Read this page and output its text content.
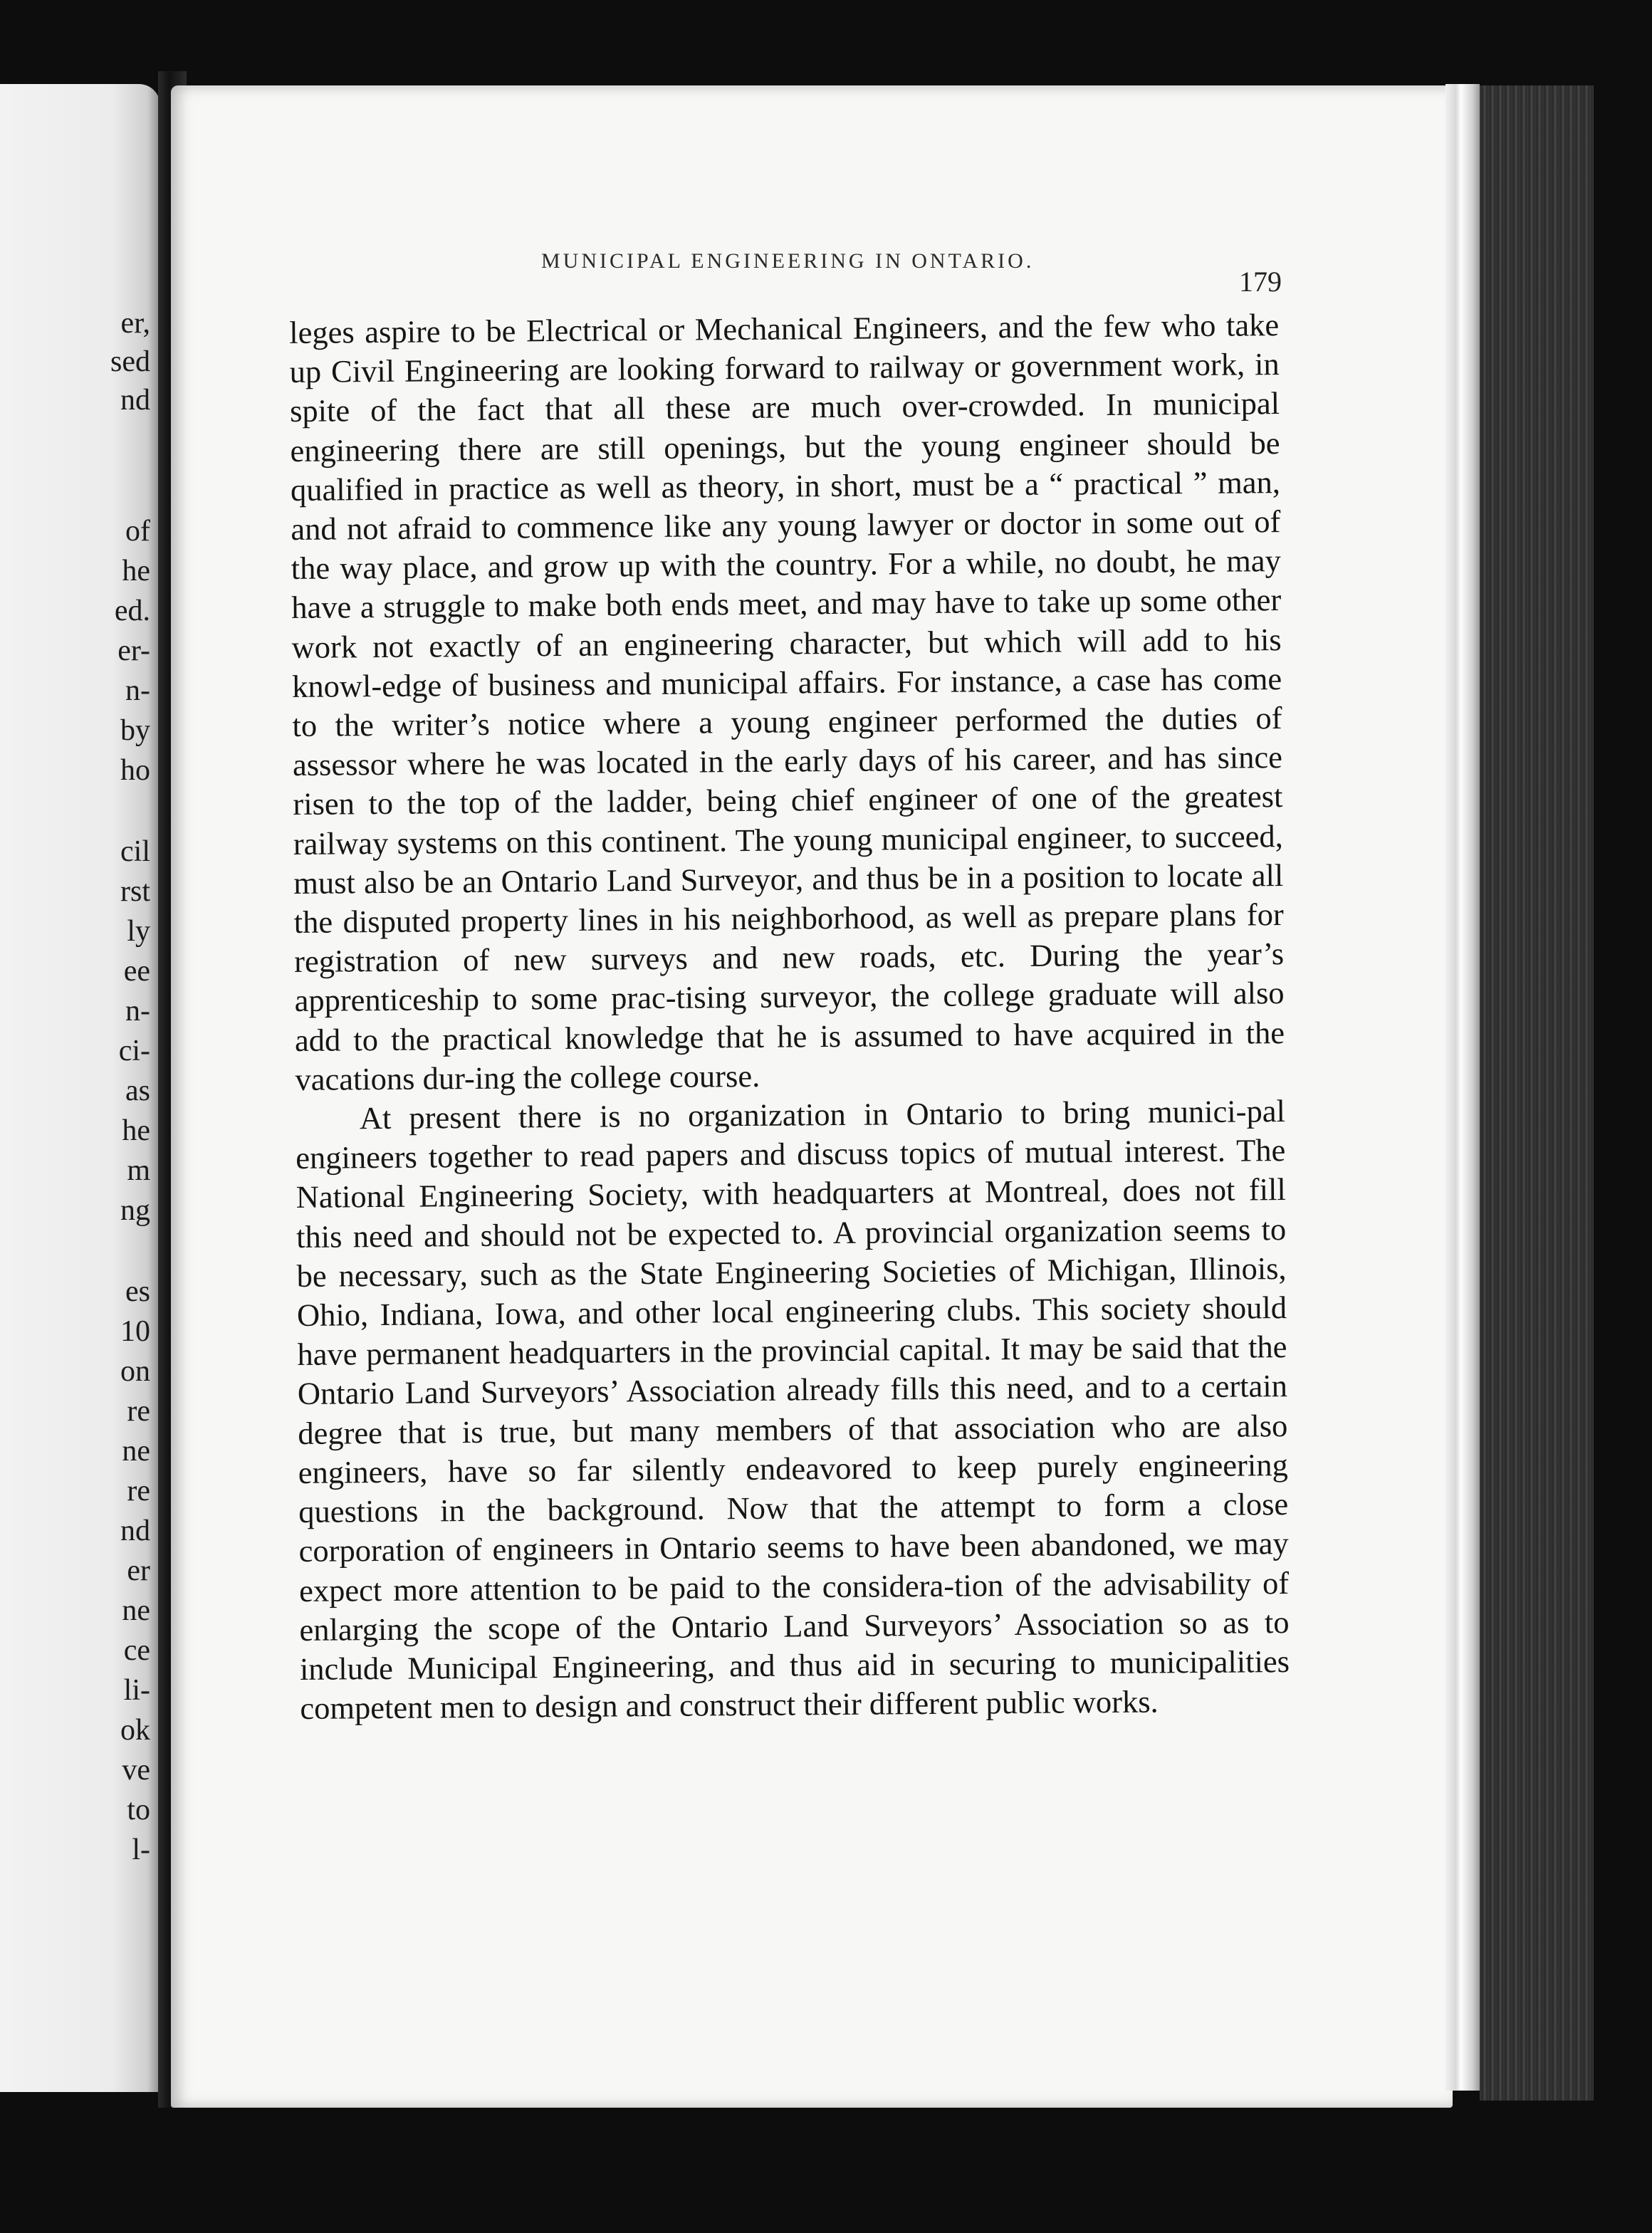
er,
sed
nd
of
he
ed.
er-
n-
by
ho
cil
rst
ly
ee
n-
ci-
as
he
m
ng
es
10
on
re
ne
re
nd
er
ne
ce
li-
ok
ve
to
l-
MUNICIPAL ENGINEERING IN ONTARIO.
179

leges aspire to be Electrical or Mechanical Engineers, and the few who take up Civil Engineering are looking forward to railway or government work, in spite of the fact that all these are much over-crowded. In municipal engineering there are still openings, but the young engineer should be qualified in practice as well as theory, in short, must be a “ practical ” man, and not afraid to commence like any young lawyer or doctor in some out of the way place, and grow up with the country. For a while, no doubt, he may have a struggle to make both ends meet, and may have to take up some other work not exactly of an engineering character, but which will add to his knowl-edge of business and municipal affairs. For instance, a case has come to the writer’s notice where a young engineer performed the duties of assessor where he was located in the early days of his career, and has since risen to the top of the ladder, being chief engineer of one of the greatest railway systems on this continent. The young municipal engineer, to succeed, must also be an Ontario Land Surveyor, and thus be in a position to locate all the disputed property lines in his neighborhood, as well as prepare plans for registration of new surveys and new roads, etc. During the year’s apprenticeship to some prac-tising surveyor, the college graduate will also add to the practical knowledge that he is assumed to have acquired in the vacations dur-ing the college course.

At present there is no organization in Ontario to bring munici-pal engineers together to read papers and discuss topics of mutual interest. The National Engineering Society, with headquarters at Montreal, does not fill this need and should not be expected to. A provincial organization seems to be necessary, such as the State Engineering Societies of Michigan, Illinois, Ohio, Indiana, Iowa, and other local engineering clubs. This society should have permanent headquarters in the provincial capital. It may be said that the Ontario Land Surveyors’ Association already fills this need, and to a certain degree that is true, but many members of that association who are also engineers, have so far silently endeavored to keep purely engineering questions in the background. Now that the attempt to form a close corporation of engineers in Ontario seems to have been abandoned, we may expect more attention to be paid to the considera-tion of the advisability of enlarging the scope of the Ontario Land Surveyors’ Association so as to include Municipal Engineering, and thus aid in securing to municipalities competent men to design and construct their different public works.
